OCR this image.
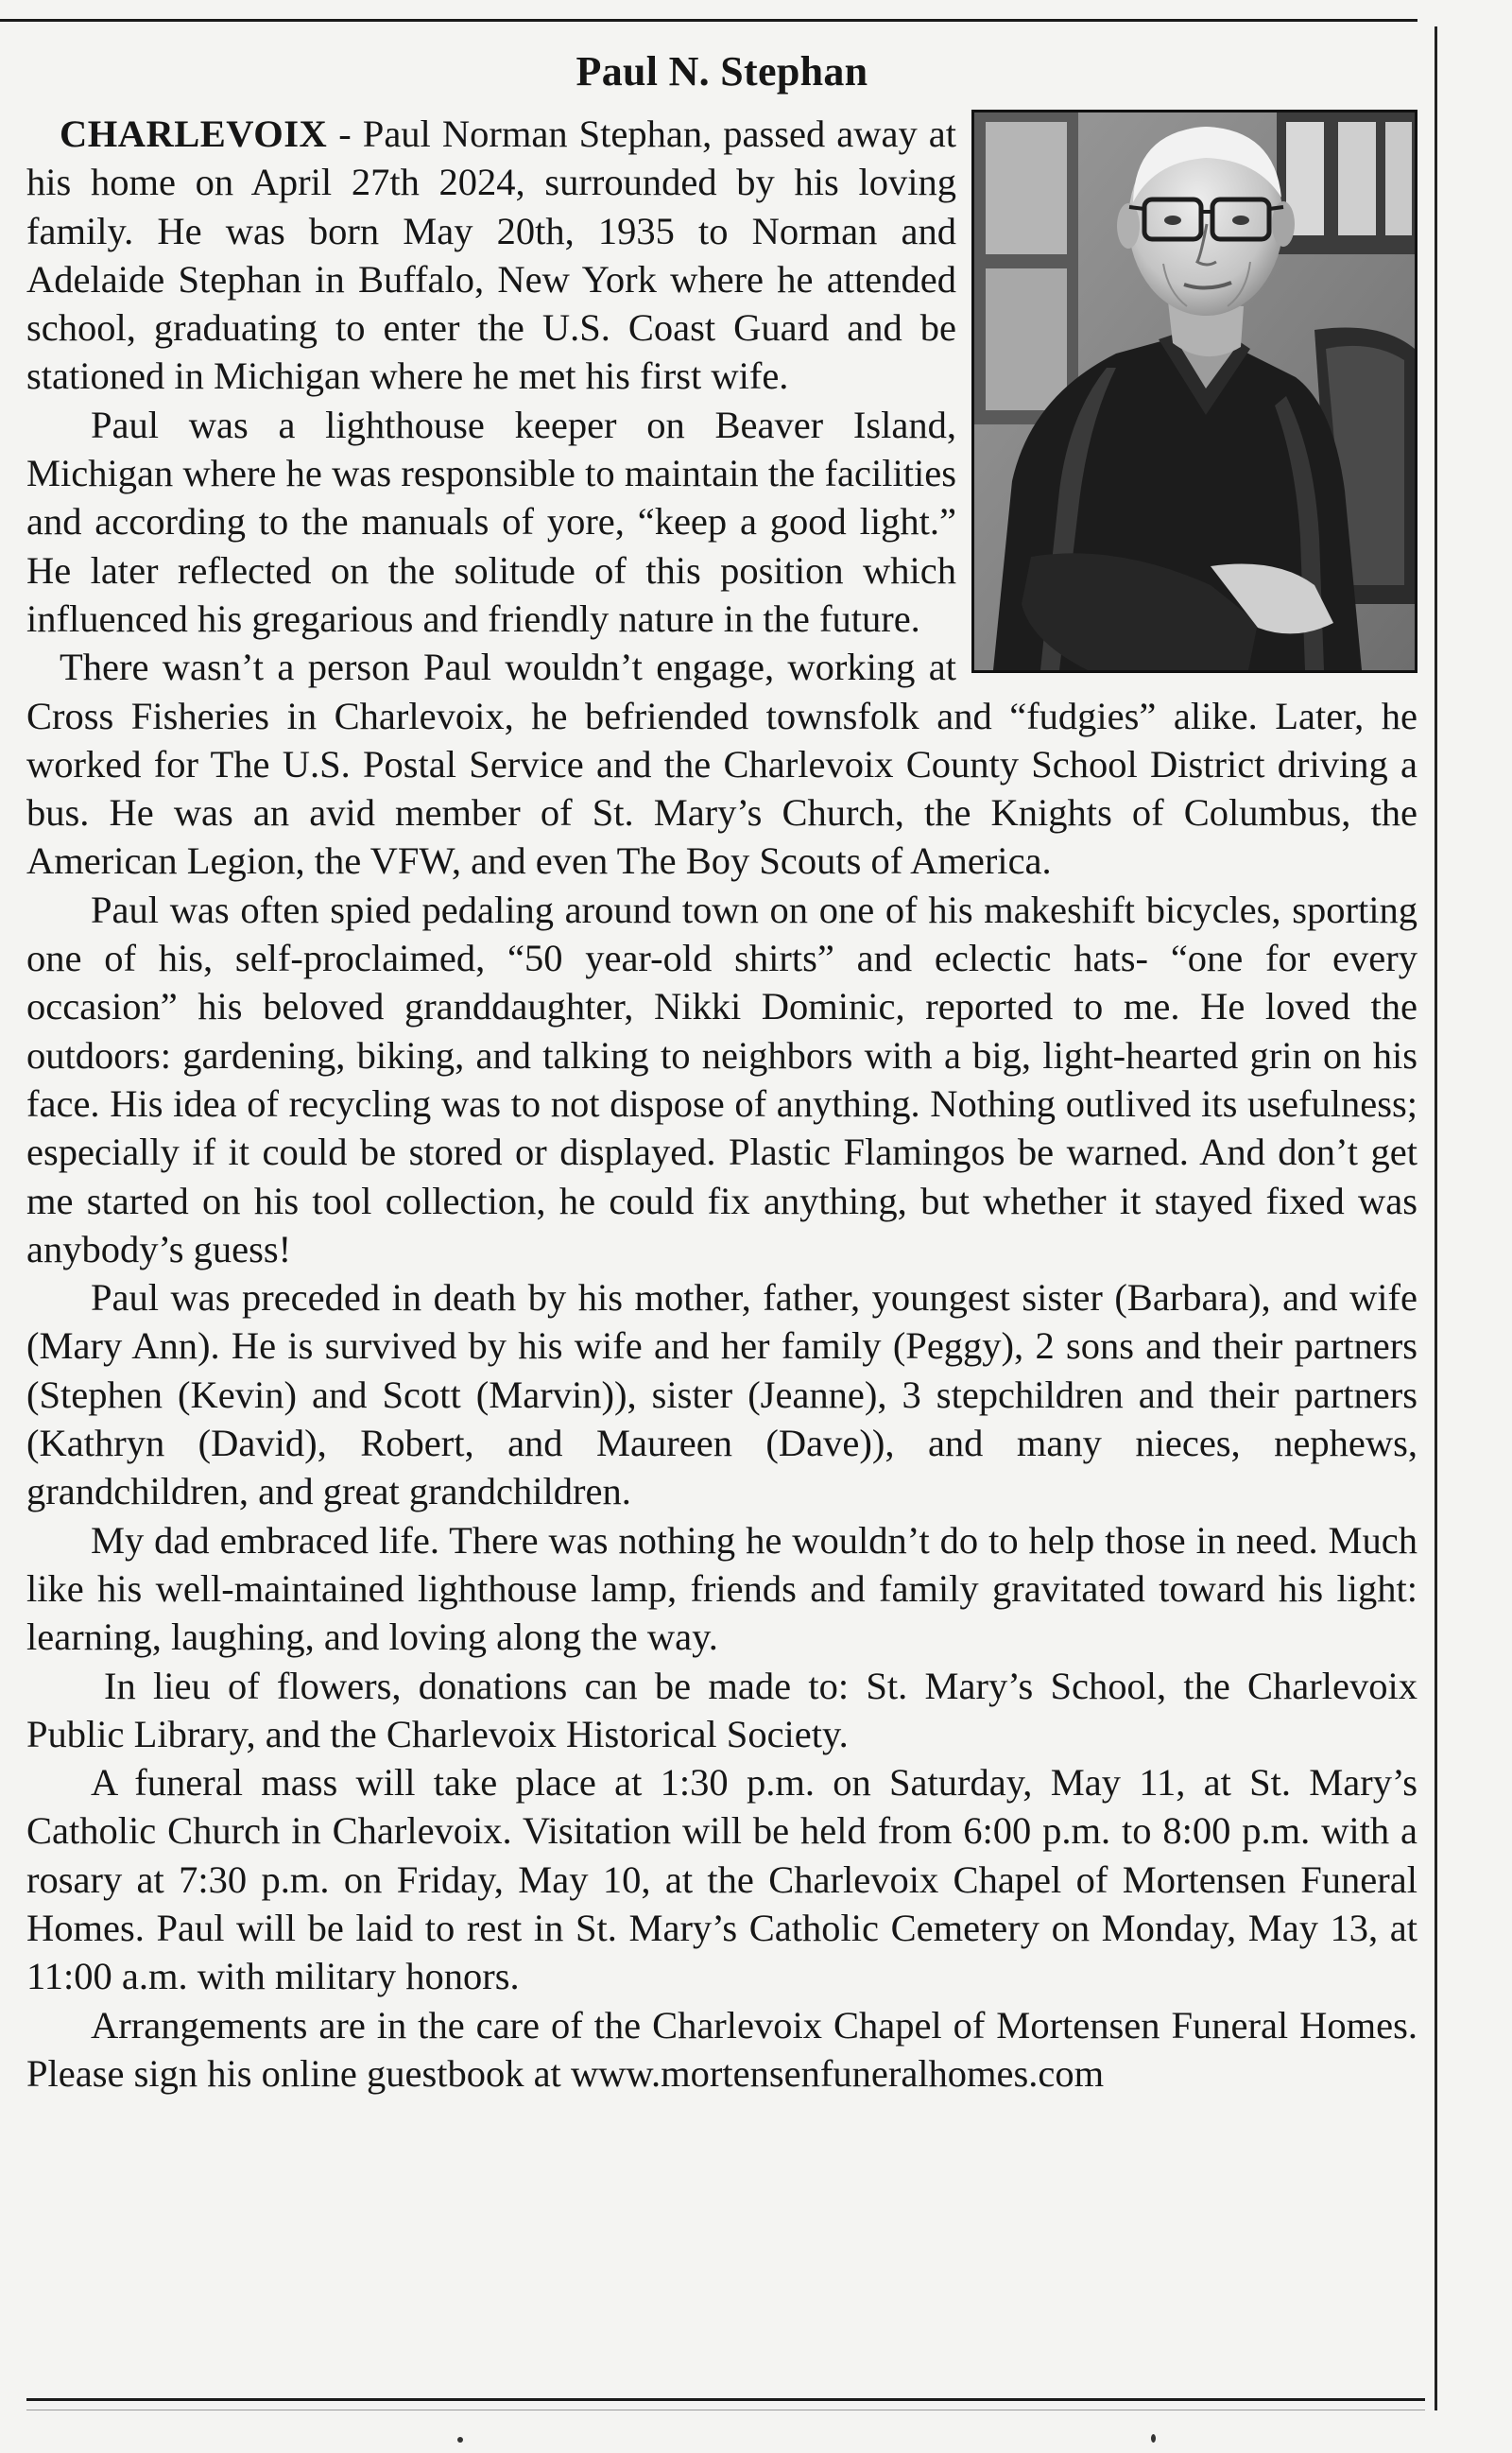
Paul N. Stephan

CHARLEVOIX - Paul Norman Stephan, passed away at his home on April 27th 2024, surrounded by his loving family. He was born May 20th, 1935 to Norman and Adelaide Stephan in Buffalo, New York where he attended school, graduating to enter the U.S. Coast Guard and be stationed in Michigan where he met his first wife.

Paul was a lighthouse keeper on Beaver Island, Michigan where he was responsible to maintain the facilities and according to the manuals of yore, “keep a good light.” He later reflected on the solitude of this position which influenced his gregarious and friendly nature in the future.

There wasn’t a person Paul wouldn’t engage, working at Cross Fisheries in Charlevoix, he befriended townsfolk and “fudgies” alike. Later, he worked for The U.S. Postal Service and the Charlevoix County School District driving a bus. He was an avid member of St. Mary’s Church, the Knights of Columbus, the American Legion, the VFW, and even The Boy Scouts of America.

Paul was often spied pedaling around town on one of his makeshift bicycles, sporting one of his, self-proclaimed, “50 year-old shirts” and eclectic hats- “one for every occasion” his beloved granddaughter, Nikki Dominic, reported to me. He loved the outdoors: gardening, biking, and talking to neighbors with a big, light-hearted grin on his face. His idea of recycling was to not dispose of anything. Nothing outlived its usefulness; especially if it could be stored or displayed. Plastic Flamingos be warned. And don’t get me started on his tool collection, he could fix anything, but whether it stayed fixed was anybody’s guess!

Paul was preceded in death by his mother, father, youngest sister (Barbara), and wife (Mary Ann). He is survived by his wife and her family (Peggy), 2 sons and their partners (Stephen (Kevin) and Scott (Marvin)), sister (Jeanne), 3 stepchildren and their partners (Kathryn (David), Robert, and Maureen (Dave)), and many nieces, nephews, grandchildren, and great grandchildren.

My dad embraced life. There was nothing he wouldn’t do to help those in need. Much like his well-maintained lighthouse lamp, friends and family gravitated toward his light: learning, laughing, and loving along the way.

In lieu of flowers, donations can be made to: St. Mary’s School, the Charlevoix Public Library, and the Charlevoix Historical Society.

A funeral mass will take place at 1:30 p.m. on Saturday, May 11, at St. Mary’s Catholic Church in Charlevoix. Visitation will be held from 6:00 p.m. to 8:00 p.m. with a rosary at 7:30 p.m. on Friday, May 10, at the Charlevoix Chapel of Mortensen Funeral Homes. Paul will be laid to rest in St. Mary’s Catholic Cemetery on Monday, May 13, at 11:00 a.m. with military honors.

Arrangements are in the care of the Charlevoix Chapel of Mortensen Funeral Homes. Please sign his online guestbook at www.mortensenfuneralhomes.com
